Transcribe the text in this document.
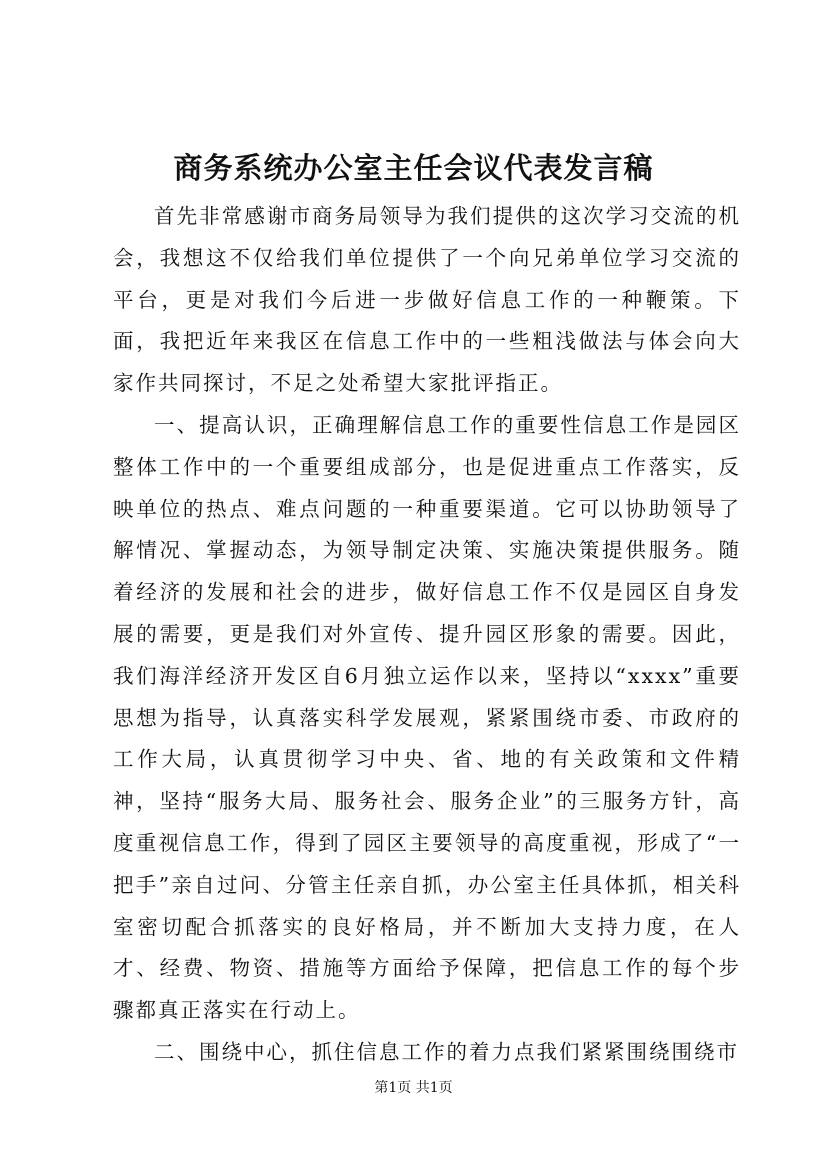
商务系统办公室主任会议代表发言稿

首先非常感谢市商务局领导为我们提供的这次学习交流的机会，我想这不仅给我们单位提供了一个向兄弟单位学习交流的平台，更是对我们今后进一步做好信息工作的一种鞭策。下面，我把近年来我区在信息工作中的一些粗浅做法与体会向大家作共同探讨，不足之处希望大家批评指正。

一、提高认识，正确理解信息工作的重要性信息工作是园区整体工作中的一个重要组成部分，也是促进重点工作落实，反映单位的热点、难点问题的一种重要渠道。它可以协助领导了解情况、掌握动态，为领导制定决策、实施决策提供服务。随着经济的发展和社会的进步，做好信息工作不仅是园区自身发展的需要，更是我们对外宣传、提升园区形象的需要。因此，我们海洋经济开发区自6月独立运作以来，坚持以“xxxx”重要思想为指导，认真落实科学发展观，紧紧围绕市委、市政府的工作大局，认真贯彻学习中央、省、地的有关政策和文件精神，坚持“服务大局、服务社会、服务企业”的三服务方针，高度重视信息工作，得到了园区主要领导的高度重视，形成了“一把手”亲自过问、分管主任亲自抓，办公室主任具体抓，相关科室密切配合抓落实的良好格局，并不断加大支持力度，在人才、经费、物资、措施等方面给予保障，把信息工作的每个步骤都真正落实在行动上。

二、围绕中心，抓住信息工作的着力点我们紧紧围绕围绕市

第1页 共1页
